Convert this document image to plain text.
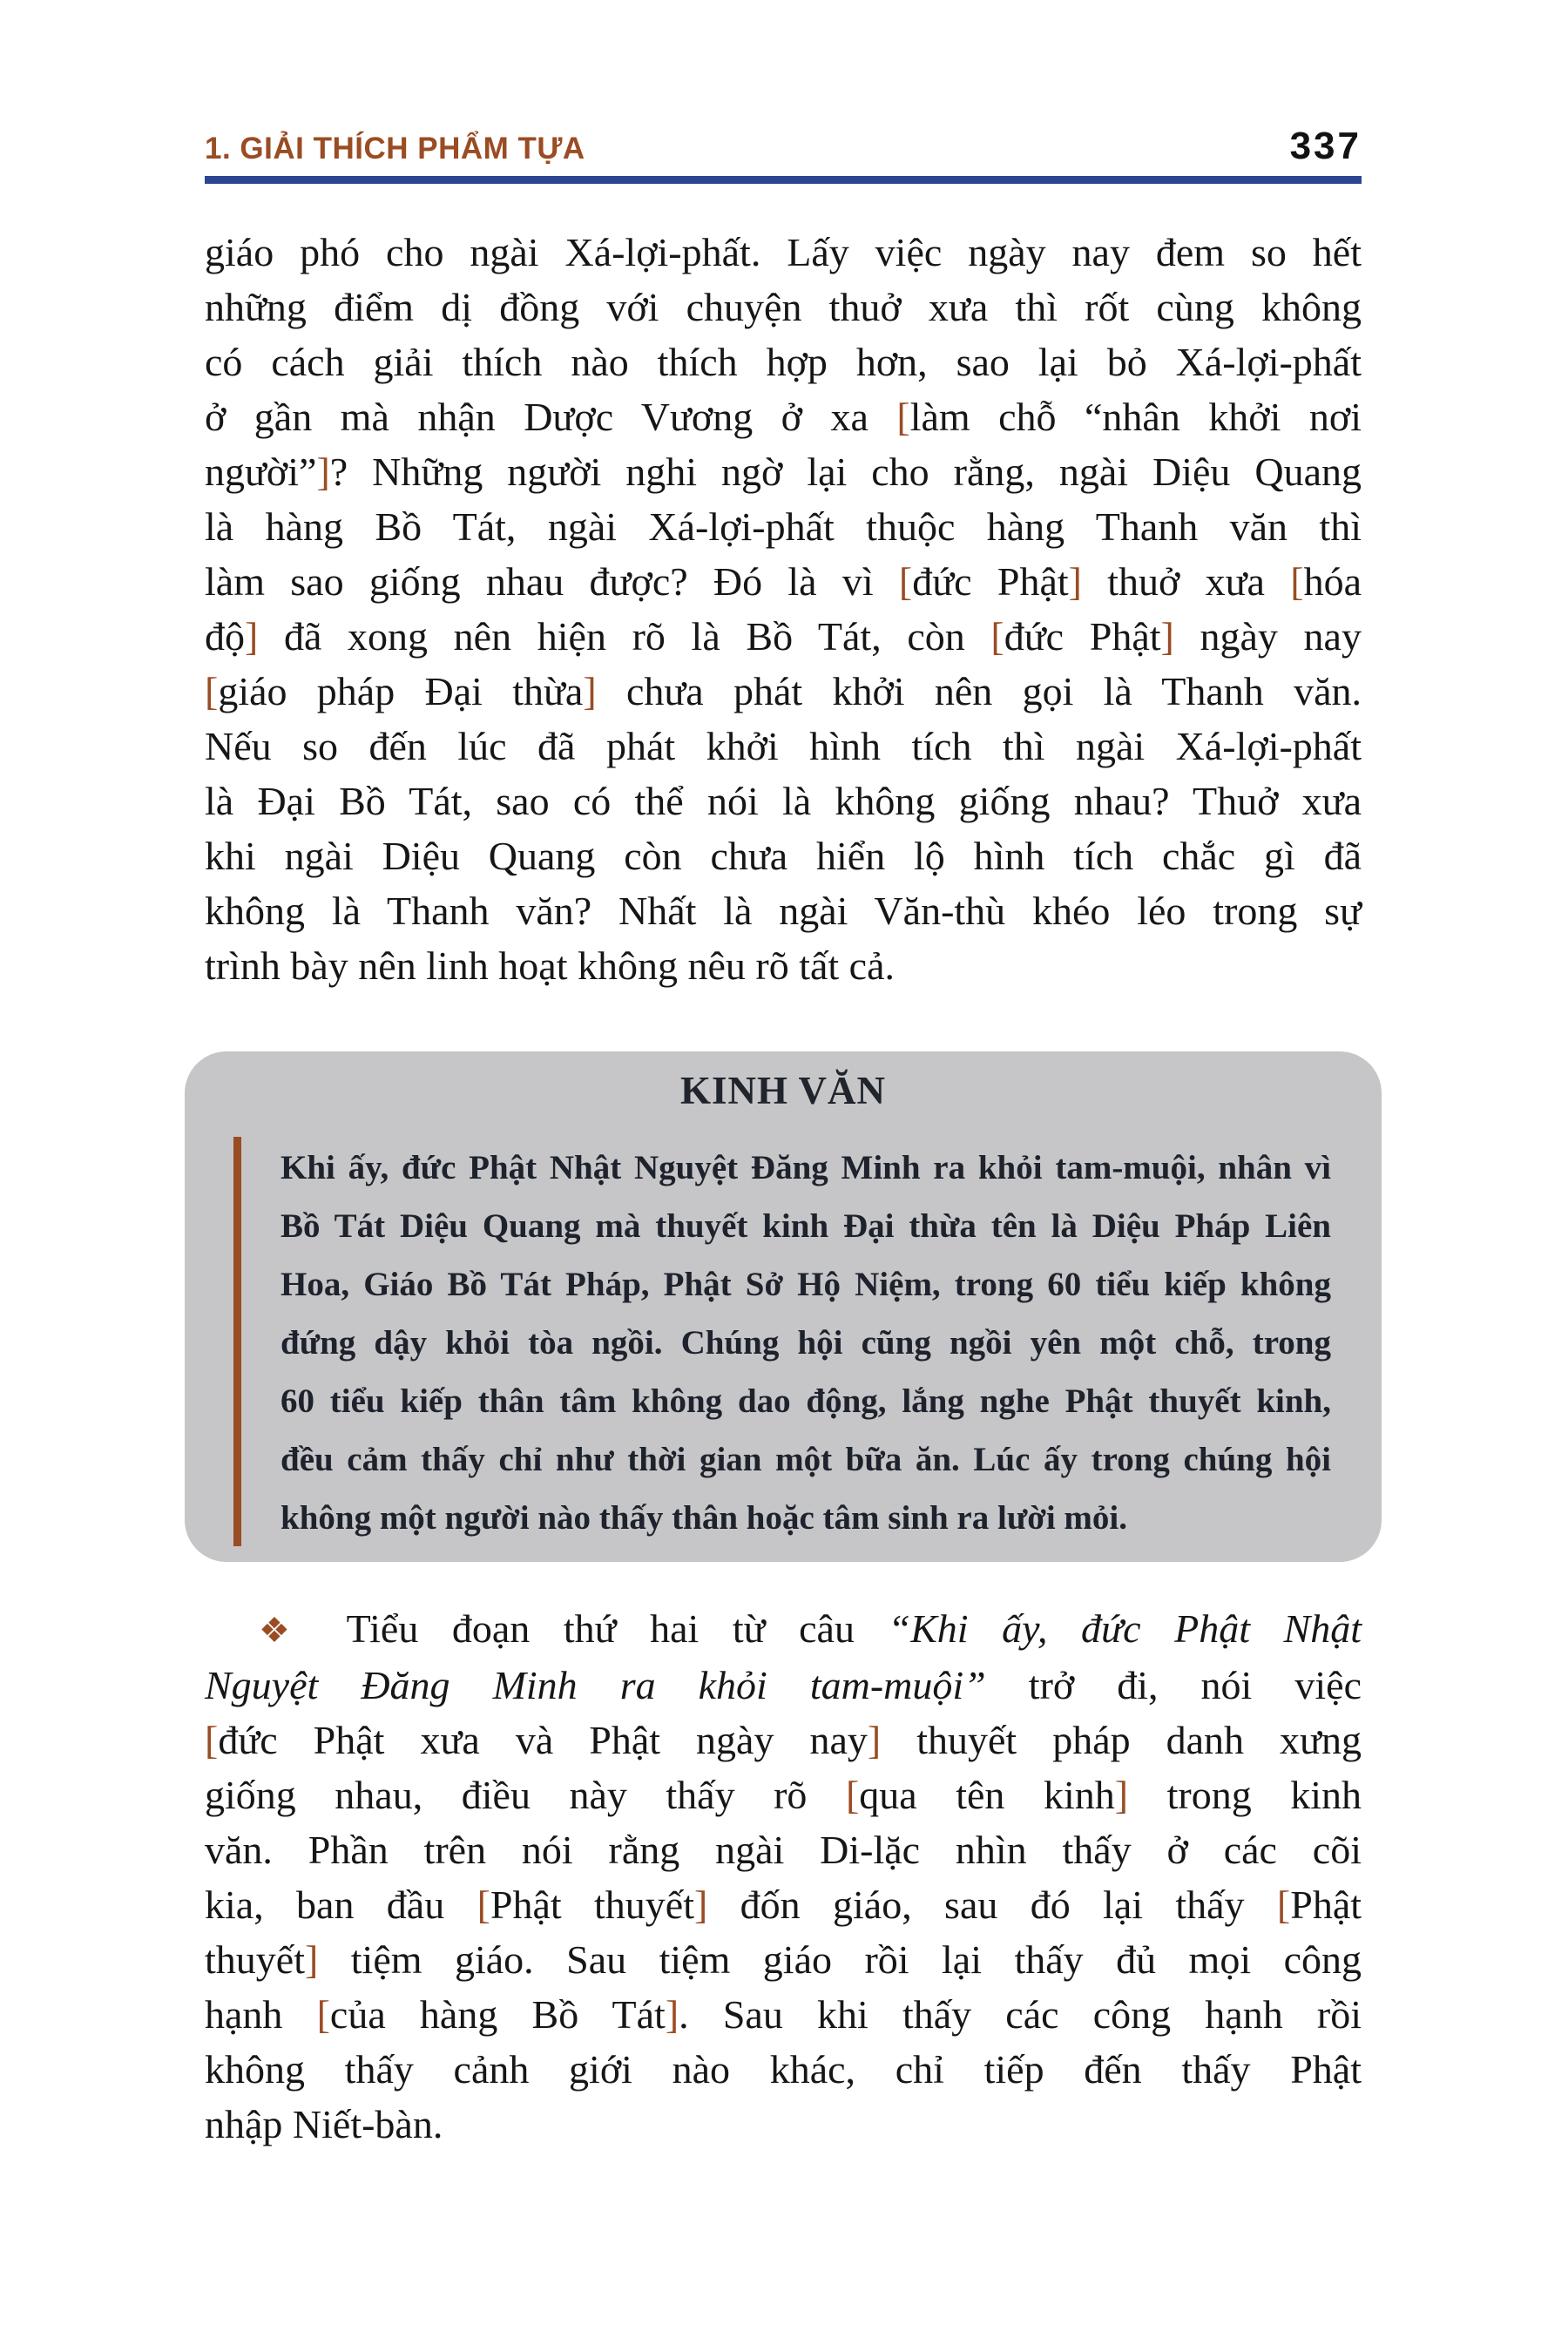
1. GIẢI THÍCH PHẨM TỰA	337
giáo phó cho ngài Xá-lợi-phất. Lấy việc ngày nay đem so hết
những điểm dị đồng với chuyện thuở xưa thì rốt cùng không
có cách giải thích nào thích hợp hơn, sao lại bỏ Xá-lợi-phất
ở gần mà nhận Dược Vương ở xa [làm chỗ “nhân khởi nơi
người”]? Những người nghi ngờ lại cho rằng, ngài Diệu Quang
là hàng Bồ Tát, ngài Xá-lợi-phất thuộc hàng Thanh văn thì
làm sao giống nhau được? Đó là vì [đức Phật] thuở xưa [hóa
độ] đã xong nên hiện rõ là Bồ Tát, còn [đức Phật] ngày nay
[giáo pháp Đại thừa] chưa phát khởi nên gọi là Thanh văn.
Nếu so đến lúc đã phát khởi hình tích thì ngài Xá-lợi-phất
là Đại Bồ Tát, sao có thể nói là không giống nhau? Thuở xưa
khi ngài Diệu Quang còn chưa hiển lộ hình tích chắc gì đã
không là Thanh văn? Nhất là ngài Văn-thù khéo léo trong sự
trình bày nên linh hoạt không nêu rõ tất cả.
KINH VĂN
Khi ấy, đức Phật Nhật Nguyệt Đăng Minh ra khỏi tam-muội, nhân vì
Bồ Tát Diệu Quang mà thuyết kinh Đại thừa tên là Diệu Pháp Liên
Hoa, Giáo Bồ Tát Pháp, Phật Sở Hộ Niệm, trong 60 tiểu kiếp không
đứng dậy khỏi tòa ngồi. Chúng hội cũng ngồi yên một chỗ, trong
60 tiểu kiếp thân tâm không dao động, lắng nghe Phật thuyết kinh,
đều cảm thấy chỉ như thời gian một bữa ăn. Lúc ấy trong chúng hội
không một người nào thấy thân hoặc tâm sinh ra lười mỏi.
❖ Tiểu đoạn thứ hai từ câu “Khi ấy, đức Phật Nhật
Nguyệt Đăng Minh ra khỏi tam-muội” trở đi, nói việc
[đức Phật xưa và Phật ngày nay] thuyết pháp danh xưng
giống nhau, điều này thấy rõ [qua tên kinh] trong kinh
văn. Phần trên nói rằng ngài Di-lặc nhìn thấy ở các cõi
kia, ban đầu [Phật thuyết] đốn giáo, sau đó lại thấy [Phật
thuyết] tiệm giáo. Sau tiệm giáo rồi lại thấy đủ mọi công
hạnh [của hàng Bồ Tát]. Sau khi thấy các công hạnh rồi
không thấy cảnh giới nào khác, chỉ tiếp đến thấy Phật
nhập Niết-bàn.
